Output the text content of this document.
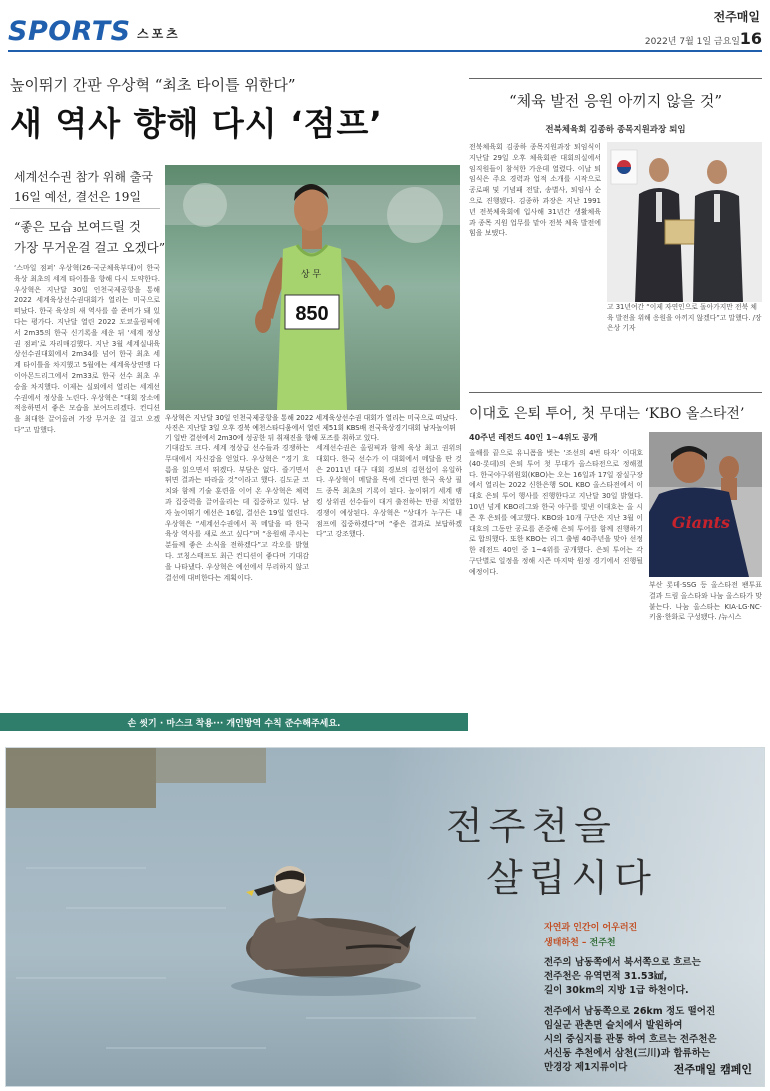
SPORTS 스포츠
전주매일
2022년 7월 1일 금요일 16
높이뛰기 간판 우상혁 “최초 타이틀 위한다”
새 역사 향해 다시 ‘점프’
세계선수권 참가 위해 출국
16일 예선, 결선은 19일
“좋은 모습 보여드릴 것
가장 무거운걸 걸고 오겠다”
‘스마일 점퍼’ 우상혁(26·국군체육부대)이 한국 육상 최초의 세계 타이틀을 향해 다시 도약한다. 우상혁은 지난달 30일 인천국제공항을 통해 2022 세계육상선수권대회가 열리는 미국으로 떠났다. 한국 육상의 새 역사를 쓸 준비가 돼 있다는 평가다. 지난달 열린 2022 도쿄올림픽에서 2m35의 한국 신기록을 세운 뒤 ‘세계 정상권 점퍼’로 자리매김했다. 지난 3월 세계실내육상선수권대회에서 2m34를 넘어 한국 최초 세계 타이틀을 차지했고 5월에는 세계육상연맹 다이아몬드리그에서 2m33로 한국 선수 최초 우승을 차지했다. 이제는 실외에서 열리는 세계선수권에서 정상을 노린다. 우상혁은 “대회 장소에 적응하면서 좋은 모습을 보여드리겠다. 컨디션을 최대한 끌어올려 가장 무거운 걸 걸고 오겠다”고 말했다.
850
상 무
우상혁은 지난달 30일 인천국제공항을 통해 2022 세계육상선수권 대회가 열리는 미국으로 떠났다. 사진은 지난달 3일 오후 경북 예천스타디움에서 열린 제51회 KBS배 전국육상경기대회 남자높이뛰기 일반 결선에서 2m30에 성공한 뒤 취재진을 향해 포즈를 취하고 있다.
기대감도 크다. 세계 정상급 선수들과 경쟁하는 무대에서 자신감을 얻었다. 우상혁은 “경기 흐름을 읽으면서 뛰겠다. 부담은 없다. 즐기면서 뛰면 결과는 따라올 것”이라고 했다. 김도균 코치와 함께 기술 훈련을 이어 온 우상혁은 체력과 집중력을 끌어올리는 데 집중하고 있다. 남자 높이뛰기 예선은 16일, 결선은 19일 열린다. 우상혁은 “세계선수권에서 꼭 메달을 따 한국 육상 역사를 새로 쓰고 싶다”며 “응원해 주시는 분들께 좋은 소식을 전하겠다”고 각오를 밝혔다. 코칭스태프도 최근 컨디션이 좋다며 기대감을 나타냈다. 우상혁은 예선에서 무리하지 않고 결선에 대비한다는 계획이다.
세계선수권은 올림픽과 함께 육상 최고 권위의 대회다. 한국 선수가 이 대회에서 메달을 딴 것은 2011년 대구 대회 경보의 김현섭이 유일하다. 우상혁이 메달을 목에 건다면 한국 육상 필드 종목 최초의 기록이 된다. 높이뛰기 세계 랭킹 상위권 선수들이 대거 출전하는 만큼 치열한 경쟁이 예상된다. 우상혁은 “상대가 누구든 내 점프에 집중하겠다”며 “좋은 결과로 보답하겠다”고 강조했다.
“체육 발전 응원 아끼지 않을 것”
전북체육회 김종하 종목지원과장 퇴임
전북체육회 김종하 종목지원과장 퇴임식이 지난달 29일 오후 체육회관 대회의실에서 임직원들이 참석한 가운데 열렸다. 이날 퇴임식은 주요 경력과 업적 소개를 시작으로 공로패 및 기념패 전달, 송별사, 퇴임사 순으로 진행됐다. 김종하 과장은 지난 1991년 전북체육회에 입사해 31년간 생활체육과 종목 지원 업무를 맡아 전북 체육 발전에 힘을 보탰다.
고 31년여간 “이제 자연인으로 돌아가지만 전북 체육 발전을 위해 응원을 아끼지 않겠다”고 말했다. /장은상 기자
이대호 은퇴 투어, 첫 무대는 ‘KBO 올스타전’
40주년 레전드 40인 1~4위도 공개
올해를 끝으로 유니폼을 벗는 ‘조선의 4번 타자’ 이대호(40·롯데)의 은퇴 투어 첫 무대가 올스타전으로 정해졌다. 한국야구위원회(KBO)는 오는 16일과 17일 잠실구장에서 열리는 2022 신한은행 SOL KBO 올스타전에서 이대호 은퇴 투어 행사를 진행한다고 지난달 30일 밝혔다. 10년 넘게 KBO리그와 한국 야구를 빛낸 이대호는 올 시즌 후 은퇴를 예고했다. KBO와 10개 구단은 지난 3월 이대호의 그동안 공로를 존중해 은퇴 투어를 함께 진행하기로 합의했다. 또한 KBO는 리그 출범 40주년을 맞아 선정한 레전드 40인 중 1~4위를 공개했다. 은퇴 투어는 각 구단별로 일정을 정해 시즌 마지막 원정 경기에서 진행될 예정이다.
Giants
부산 롯데·SSG 등 올스타전 팬투표 결과 드림 올스타와 나눔 올스타가 맞붙는다. 나눔 올스타는 KIA·LG·NC·키움·한화로 구성됐다. /뉴시스
손 씻기 · 마스크 착용··· 개인방역 수칙 준수해주세요.
전주천을
살립시다
자연과 인간이 어우러진
생태하천 – 전주천
전주의 남동쪽에서 북서쪽으로 흐르는
전주천은 유역면적 31.53㎢,
길이 30km의 지방 1급 하천이다.
전주에서 남동쪽으로 26km 정도 떨어진
임실군 관촌면 슬치에서 발원하여
시의 중심지를 관통 하여 흐르는 전주천은
서신동 추천에서 삼천(三川)과 합류하는
만경강 제1지류이다	전주매일 캠페인
